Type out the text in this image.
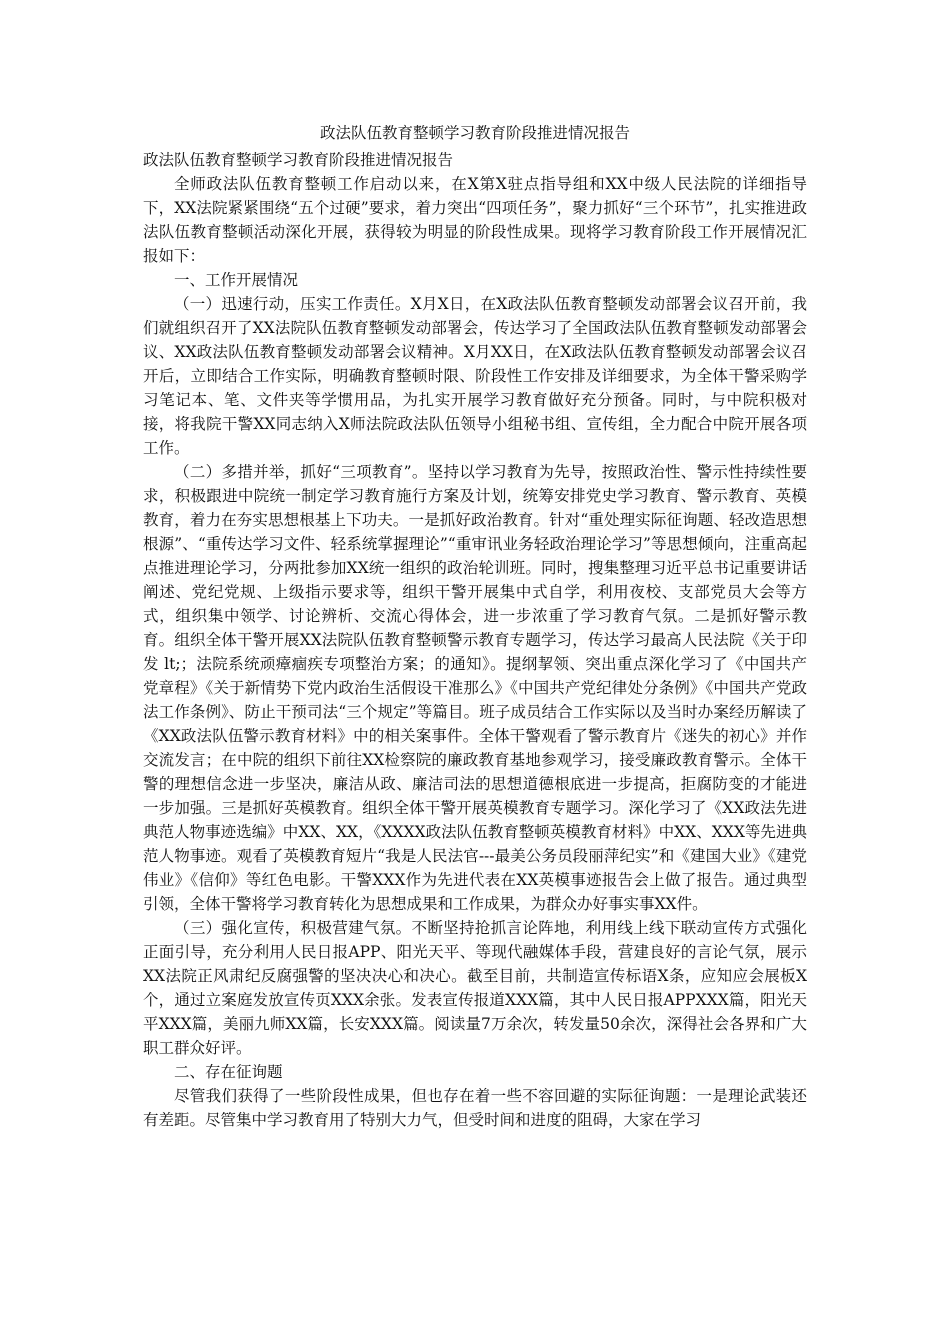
政法队伍教育整顿学习教育阶段推进情况报告

政法队伍教育整顿学习教育阶段推进情况报告

全师政法队伍教育整顿工作启动以来，在X第X驻点指导组和XX中级人民法院的详细指导下，XX法院紧紧围绕“五个过硬”要求，着力突出“四项任务”，聚力抓好“三个环节”，扎实推进政法队伍教育整顿活动深化开展，获得较为明显的阶段性成果。现将学习教育阶段工作开展情况汇报如下：

一、工作开展情况

（一）迅速行动，压实工作责任。X月X日，在X政法队伍教育整顿发动部署会议召开前，我们就组织召开了XX法院队伍教育整顿发动部署会，传达学习了全国政法队伍教育整顿发动部署会议、XX政法队伍教育整顿发动部署会议精神。X月XX日，在X政法队伍教育整顿发动部署会议召开后，立即结合工作实际，明确教育整顿时限、阶段性工作安排及详细要求，为全体干警采购学习笔记本、笔、文件夹等学惯用品，为扎实开展学习教育做好充分预备。同时，与中院积极对接，将我院干警XX同志纳入X师法院政法队伍领导小组秘书组、宣传组，全力配合中院开展各项工作。

（二）多措并举，抓好“三项教育”。坚持以学习教育为先导，按照政治性、警示性持续性要求，积极跟进中院统一制定学习教育施行方案及计划，统筹安排党史学习教育、警示教育、英模教育，着力在夯实思想根基上下功夫。一是抓好政治教育。针对“重处理实际征询题、轻改造思想根源”、“重传达学习文件、轻系统掌握理论”“重审讯业务轻政治理论学习”等思想倾向，注重高起点推进理论学习，分两批参加XX统一组织的政治轮训班。同时，搜集整理习近平总书记重要讲话阐述、党纪党规、上级指示要求等，组织干警开展集中式自学，利用夜校、支部党员大会等方式，组织集中领学、讨论辨析、交流心得体会，进一步浓重了学习教育气氛。二是抓好警示教育。组织全体干警开展XX法院队伍教育整顿警示教育专题学习，传达学习最高人民法院《关于印发 lt;；法院系统顽瘴痼疾专项整治方案；的通知》。提纲挈领、突出重点深化学习了《中国共产党章程》《关于新情势下党内政治生活假设干准那么》《中国共产党纪律处分条例》《中国共产党政法工作条例》、防止干预司法“三个规定”等篇目。班子成员结合工作实际以及当时办案经历解读了《XX政法队伍警示教育材料》中的相关案事件。全体干警观看了警示教育片《迷失的初心》并作交流发言；在中院的组织下前往XX检察院的廉政教育基地参观学习，接受廉政教育警示。全体干警的理想信念进一步坚决，廉洁从政、廉洁司法的思想道德根底进一步提高，拒腐防变的才能进一步加强。三是抓好英模教育。组织全体干警开展英模教育专题学习。深化学习了《XX政法先进典范人物事迹选编》中XX、XX，《XXXX政法队伍教育整顿英模教育材料》中XX、XXX等先进典范人物事迹。观看了英模教育短片“我是人民法官---最美公务员段丽萍纪实”和《建国大业》《建党伟业》《信仰》等红色电影。干警XXX作为先进代表在XX英模事迹报告会上做了报告。通过典型引领，全体干警将学习教育转化为思想成果和工作成果，为群众办好事实事XX件。

（三）强化宣传，积极营建气氛。不断坚持抢抓言论阵地，利用线上线下联动宣传方式强化正面引导，充分利用人民日报APP、阳光天平、等现代融媒体手段，营建良好的言论气氛，展示XX法院正风肃纪反腐强警的坚决决心和决心。截至目前，共制造宣传标语X条，应知应会展板X个，通过立案庭发放宣传页XXX余张。发表宣传报道XXX篇，其中人民日报APPXXX篇，阳光天平XXX篇，美丽九师XX篇，长安XXX篇。阅读量7万余次，转发量50余次，深得社会各界和广大职工群众好评。

二、存在征询题

尽管我们获得了一些阶段性成果，但也存在着一些不容回避的实际征询题：一是理论武装还有差距。尽管集中学习教育用了特别大力气，但受时间和进度的阻碍，大家在学习
